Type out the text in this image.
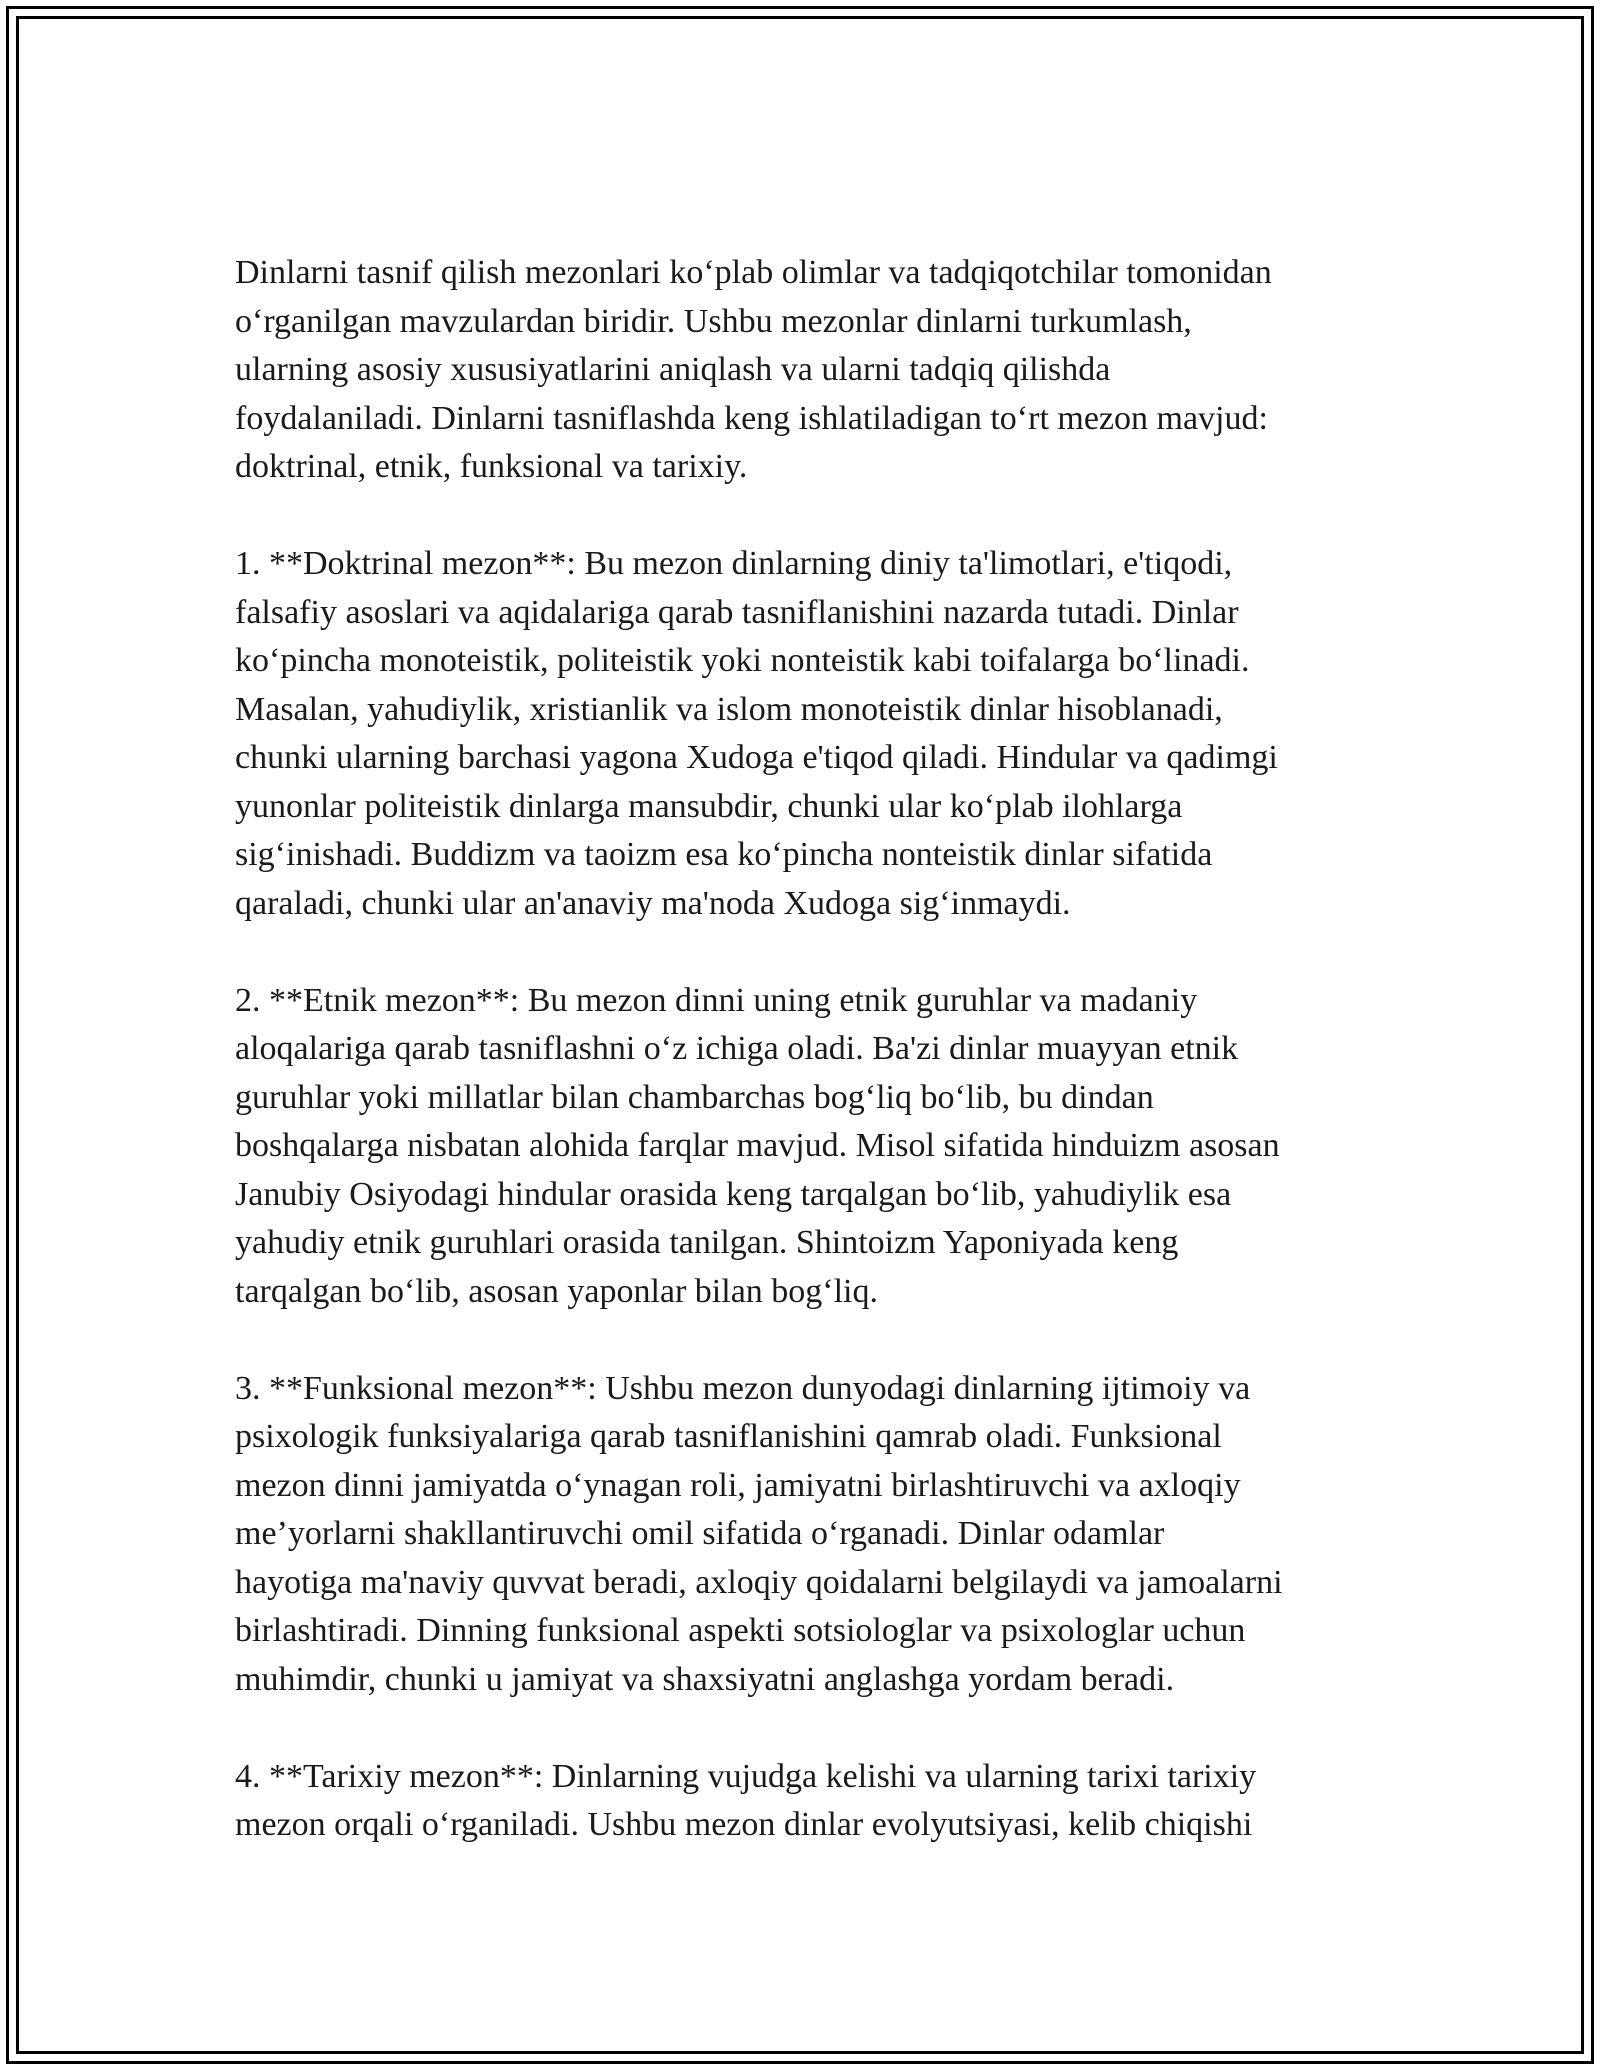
Dinlarni tasnif qilish mezonlari ko‘plab olimlar va tadqiqotchilar tomonidan
o‘rganilgan mavzulardan biridir. Ushbu mezonlar dinlarni turkumlash,
ularning asosiy xususiyatlarini aniqlash va ularni tadqiq qilishda
foydalaniladi. Dinlarni tasniflashda keng ishlatiladigan to‘rt mezon mavjud:
doktrinal, etnik, funksional va tarixiy.

1. **Doktrinal mezon**: Bu mezon dinlarning diniy ta'limotlari, e'tiqodi,
falsafiy asoslari va aqidalariga qarab tasniflanishini nazarda tutadi. Dinlar
ko‘pincha monoteistik, politeistik yoki nonteistik kabi toifalarga bo‘linadi.
Masalan, yahudiylik, xristianlik va islom monoteistik dinlar hisoblanadi,
chunki ularning barchasi yagona Xudoga e'tiqod qiladi. Hindular va qadimgi
yunonlar politeistik dinlarga mansubdir, chunki ular ko‘plab ilohlarga
sig‘inishadi. Buddizm va taoizm esa ko‘pincha nonteistik dinlar sifatida
qaraladi, chunki ular an'anaviy ma'noda Xudoga sig‘inmaydi.

2. **Etnik mezon**: Bu mezon dinni uning etnik guruhlar va madaniy
aloqalariga qarab tasniflashni o‘z ichiga oladi. Ba'zi dinlar muayyan etnik
guruhlar yoki millatlar bilan chambarchas bog‘liq bo‘lib, bu dindan
boshqalarga nisbatan alohida farqlar mavjud. Misol sifatida hinduizm asosan
Janubiy Osiyodagi hindular orasida keng tarqalgan bo‘lib, yahudiylik esa
yahudiy etnik guruhlari orasida tanilgan. Shintoizm Yaponiyada keng
tarqalgan bo‘lib, asosan yaponlar bilan bog‘liq.

3. **Funksional mezon**: Ushbu mezon dunyodagi dinlarning ijtimoiy va
psixologik funksiyalariga qarab tasniflanishini qamrab oladi. Funksional
mezon dinni jamiyatda o‘ynagan roli, jamiyatni birlashtiruvchi va axloqiy
me’yorlarni shakllantiruvchi omil sifatida o‘rganadi. Dinlar odamlar
hayotiga ma'naviy quvvat beradi, axloqiy qoidalarni belgilaydi va jamoalarni
birlashtiradi. Dinning funksional aspekti sotsiologlar va psixologlar uchun
muhimdir, chunki u jamiyat va shaxsiyatni anglashga yordam beradi.

4. **Tarixiy mezon**: Dinlarning vujudga kelishi va ularning tarixi tarixiy
mezon orqali o‘rganiladi. Ushbu mezon dinlar evolyutsiyasi, kelib chiqishi
